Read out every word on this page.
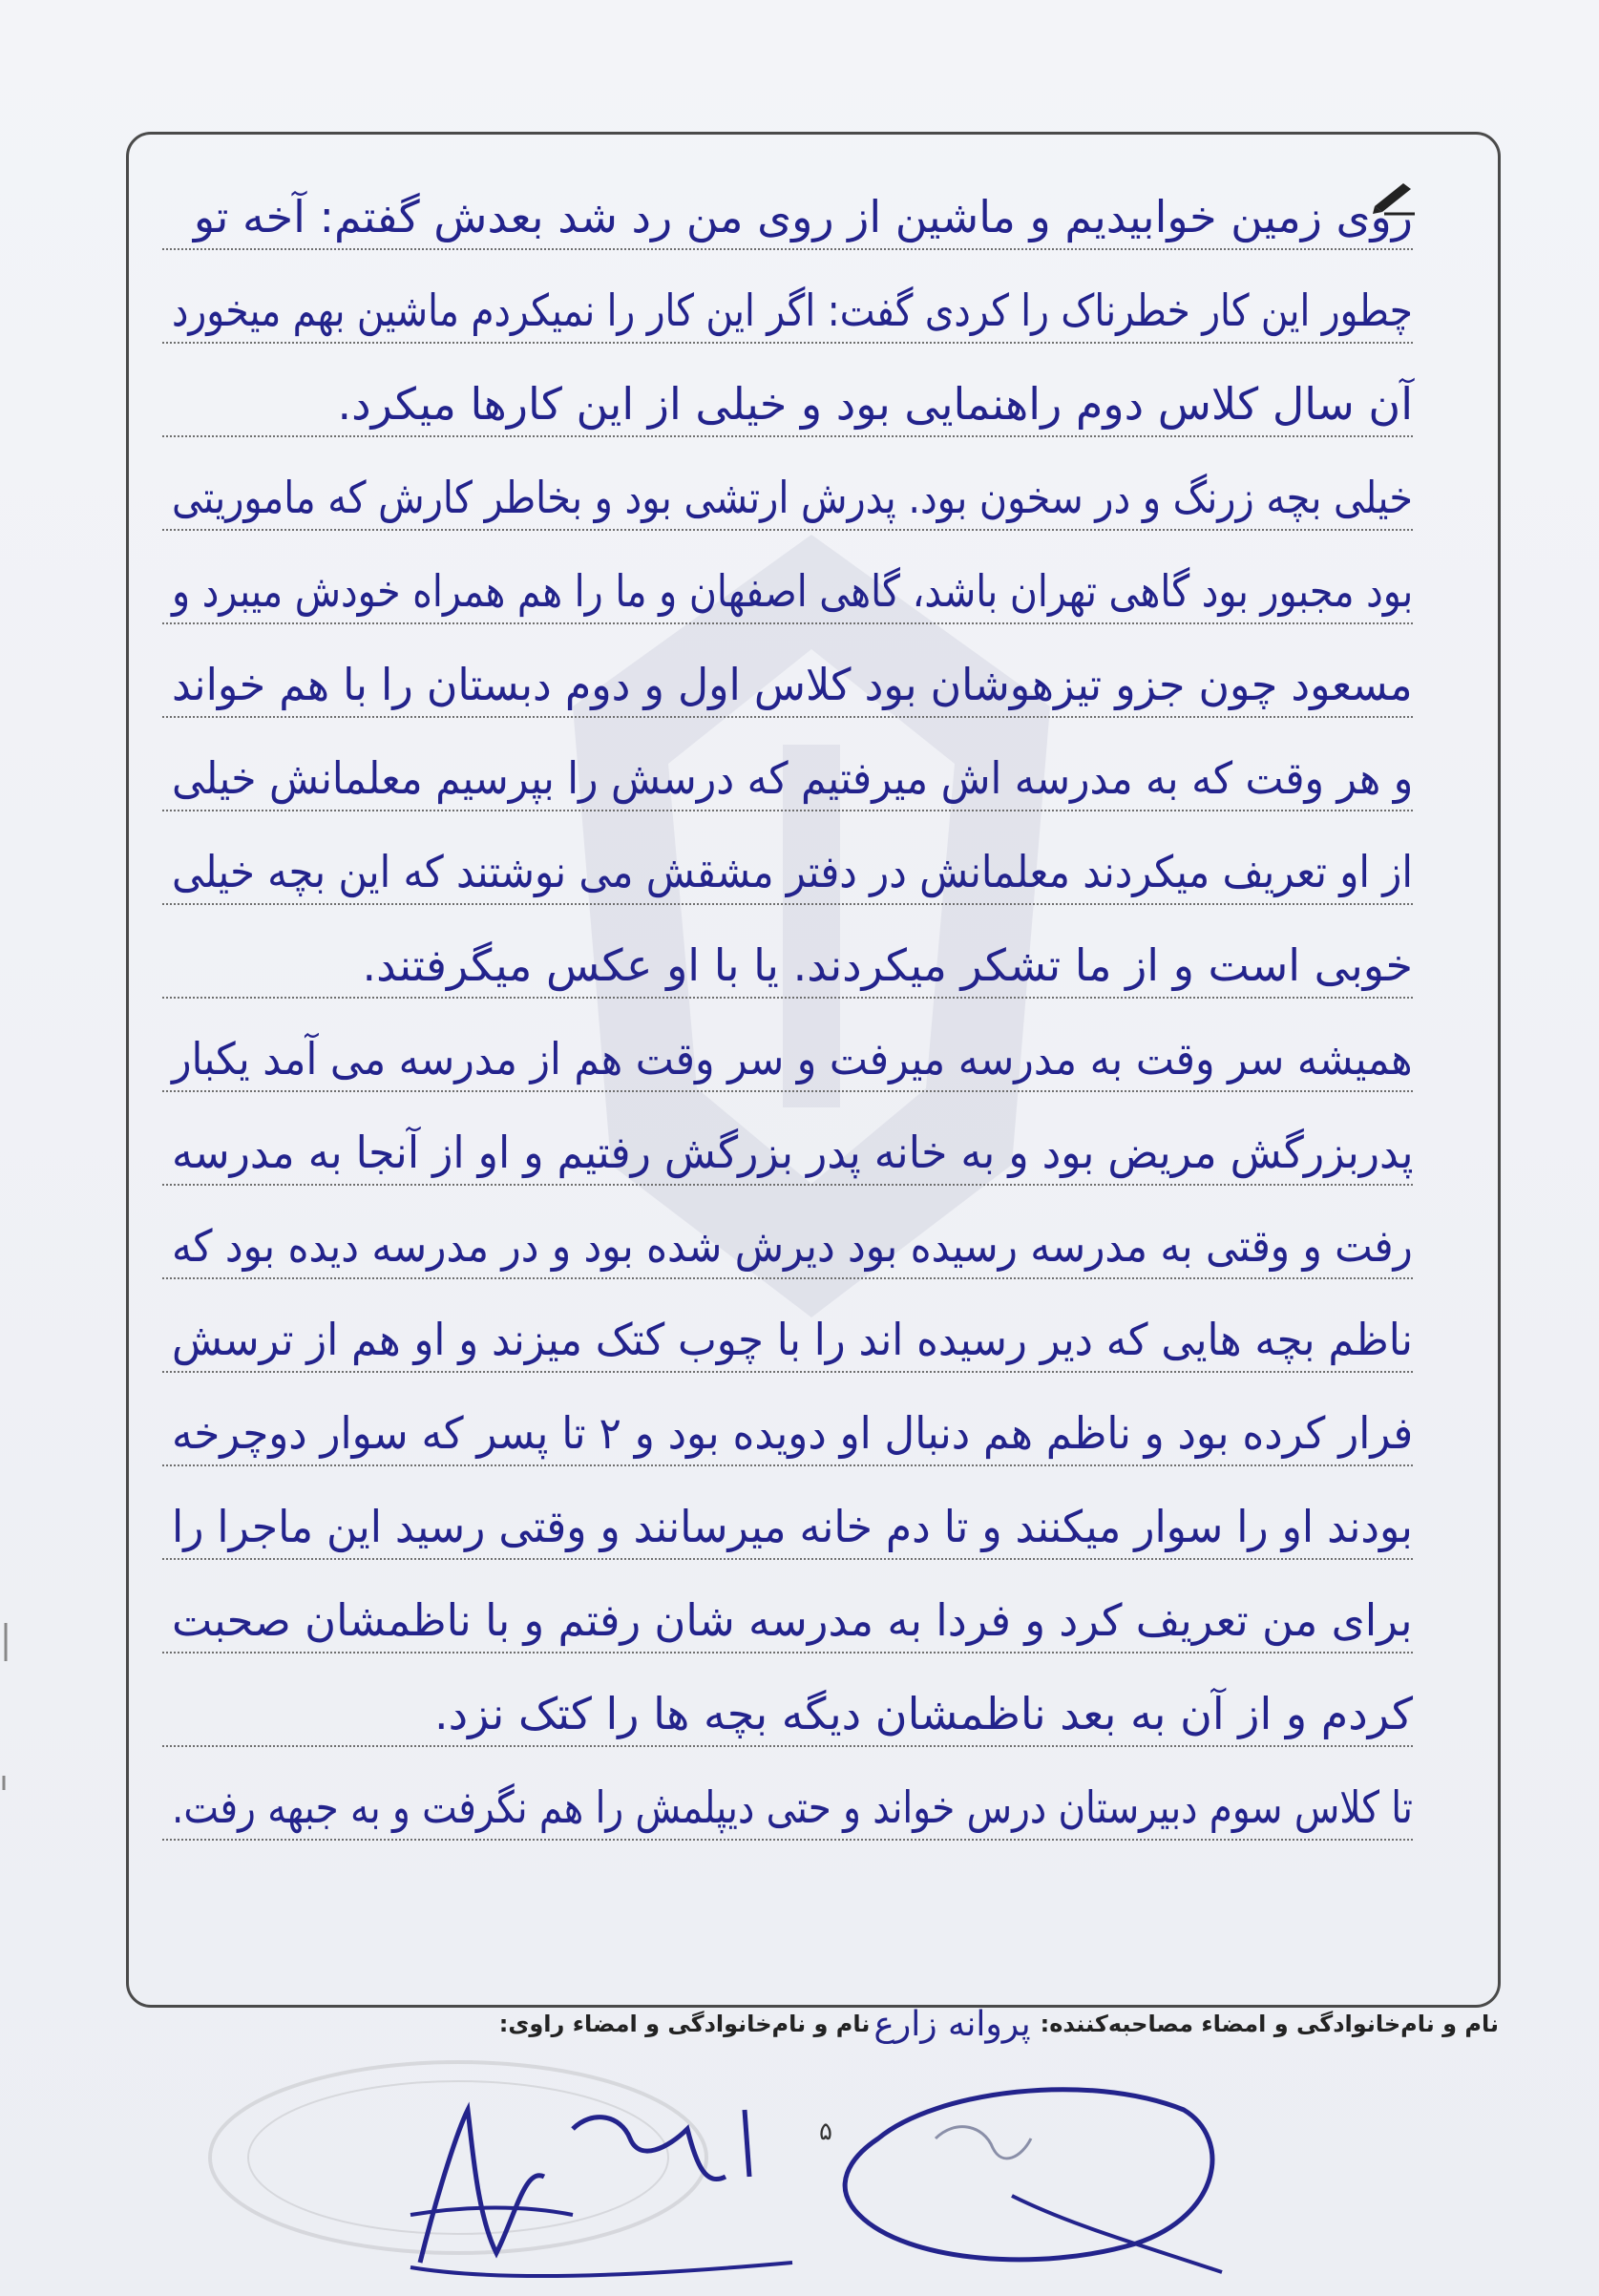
روی زمین خوابیدیم و ماشین از روی من رد شد بعدش گفتم: آخه تو
چطور این کار خطرناک را کردی گفت: اگر این کار را نمیکردم ماشین بهم میخورد
آن سال کلاس دوم راهنمایی بود و خیلی از این کارها میکرد.
خیلی بچه زرنگ و در سخون بود. پدرش ارتشی بود و بخاطر کارش که ماموریتی
بود مجبور بود گاهی تهران باشد، گاهی اصفهان و ما را هم همراه خودش میبرد و
مسعود چون جزو تیزهوشان بود کلاس اول و دوم دبستان را با هم خواند
و هر وقت که به مدرسه اش میرفتیم که درسش را بپرسیم معلمانش خیلی
از او تعریف میکردند معلمانش در دفتر مشقش می نوشتند که این بچه خیلی
خوبی است و از ما تشکر میکردند. یا با او عکس میگرفتند.
همیشه سر وقت به مدرسه میرفت و سر وقت هم از مدرسه می آمد یکبار
پدربزرگش مریض بود و به خانه پدر بزرگش رفتیم و او از آنجا به مدرسه
رفت و وقتی به مدرسه رسیده بود دیرش شده بود و در مدرسه دیده بود که
ناظم بچه هایی که دیر رسیده اند را با چوب کتک میزند و او هم از ترسش
فرار کرده بود و ناظم هم دنبال او دویده بود و ۲ تا پسر که سوار دوچرخه
بودند او را سوار میکنند و تا دم خانه میرسانند و وقتی رسید این ماجرا را
برای من تعریف کرد و فردا به مدرسه شان رفتم و با ناظمشان صحبت
کردم و از آن به بعد ناظمشان دیگه بچه ها را کتک نزد.
تا کلاس سوم دبیرستان درس خواند و حتی دیپلمش را هم نگرفت و به جبهه رفت.
نام و نام‌خانوادگی و امضاء مصاحبه‌کننده:
پروانه زارع
نام و نام‌خانوادگی و امضاء راوی:
۵
